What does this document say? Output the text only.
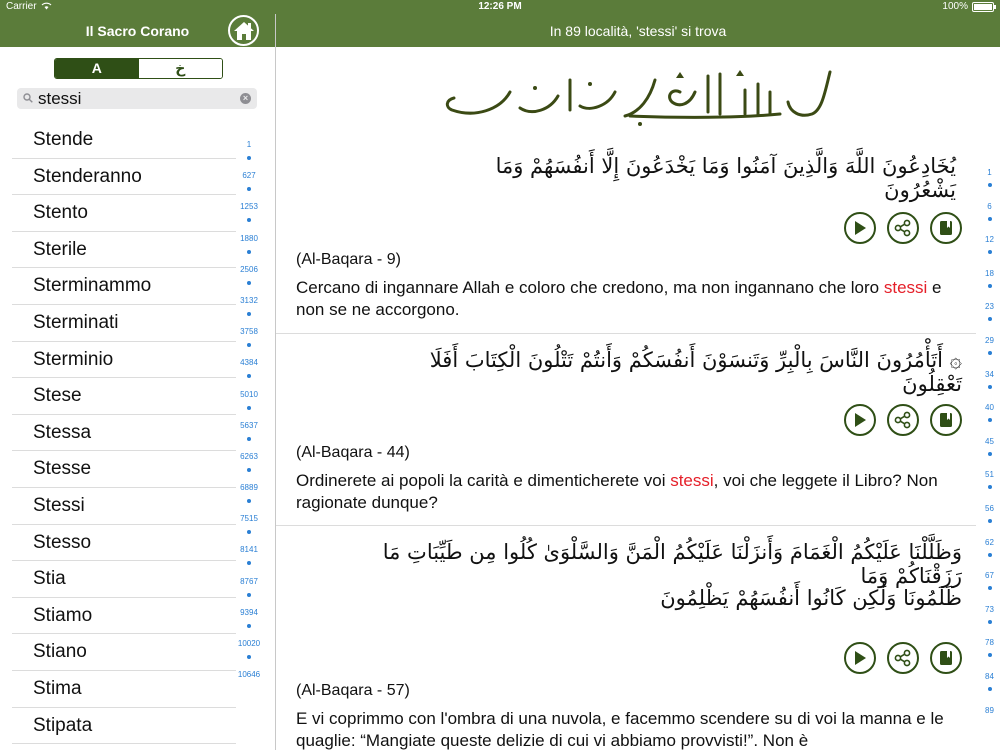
Carrier	12:26 PM	100%
Il Sacro Corano
A	خ
stessi	×
Stende
Stenderanno
Stento
Sterile
Sterminammo
Sterminati
Sterminio
Stese
Stessa
Stesse
Stessi
Stesso
Stia
Stiamo
Stiano
Stima
Stipata
1
627
1253
1880
2506
3132
3758
4384
5010
5637
6263
6889
7515
8141
8767
9394
10020
10646
In 89 località, 'stessi' si trova
يُخَادِعُونَ اللَّهَ وَالَّذِينَ آمَنُوا وَمَا يَخْدَعُونَ إِلَّا أَنفُسَهُمْ وَمَا يَشْعُرُونَ
(Al-Baqara - 9)
Cercano di ingannare Allah e coloro che credono, ma non ingannano che loro stessi e non se ne accorgono.
۞ أَتَأْمُرُونَ النَّاسَ بِالْبِرِّ وَتَنسَوْنَ أَنفُسَكُمْ وَأَنتُمْ تَتْلُونَ الْكِتَابَ أَفَلَا تَعْقِلُونَ
(Al-Baqara - 44)
Ordinerete ai popoli la carità e dimenticherete voi stessi, voi che leggete il Libro? Non ragionate dunque?
وَظَلَّلْنَا عَلَيْكُمُ الْغَمَامَ وَأَنزَلْنَا عَلَيْكُمُ الْمَنَّ وَالسَّلْوَىٰ كُلُوا مِن طَيِّبَاتِ مَا رَزَقْنَاكُمْ وَمَا
ظَلَمُونَا وَلَٰكِن كَانُوا أَنفُسَهُمْ يَظْلِمُونَ
(Al-Baqara - 57)
E vi coprimmo con l'ombra di una nuvola, e facemmo scendere su di voi la manna e le quaglie: “Mangiate queste delizie di cui vi abbiamo provvisti!”. Non è
1
6
12
18
23
29
34
40
45
51
56
62
67
73
78
84
89
